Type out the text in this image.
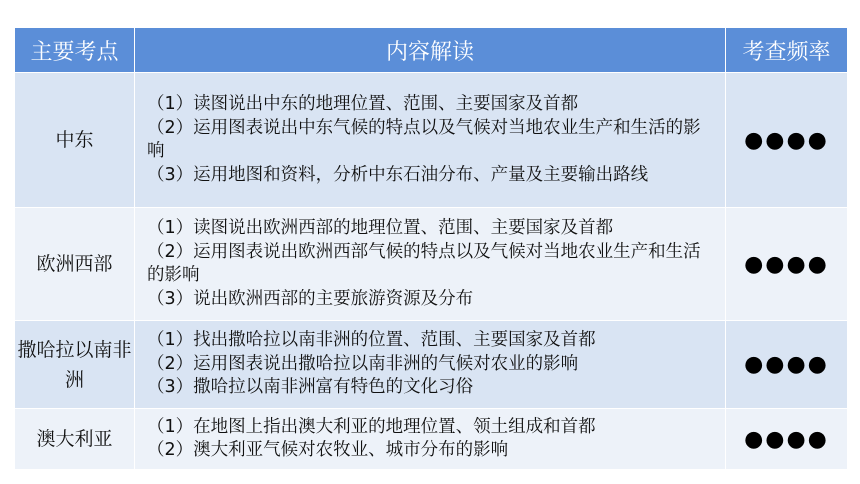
主要考点	内容解读	考查频率
中东	（1）读图说出中东的地理位置、范围、主要国家及首都
（2）运用图表说出中东气候的特点以及气候对当地农业生产和生活的影响
（3）运用地图和资料，分析中东石油分布、产量及主要输出路线	●●●●
欧洲西部	（1）读图说出欧洲西部的地理位置、范围、主要国家及首都
（2）运用图表说出欧洲西部气候的特点以及气候对当地农业生产和生活的影响
（3）说出欧洲西部的主要旅游资源及分布	●●●●
撒哈拉以南非洲	（1）找出撒哈拉以南非洲的位置、范围、主要国家及首都
（2）运用图表说出撒哈拉以南非洲的气候对农业的影响
（3）撒哈拉以南非洲富有特色的文化习俗	●●●●
澳大利亚	（1）在地图上指出澳大利亚的地理位置、领土组成和首都
（2）澳大利亚气候对农牧业、城市分布的影响	●●●●
